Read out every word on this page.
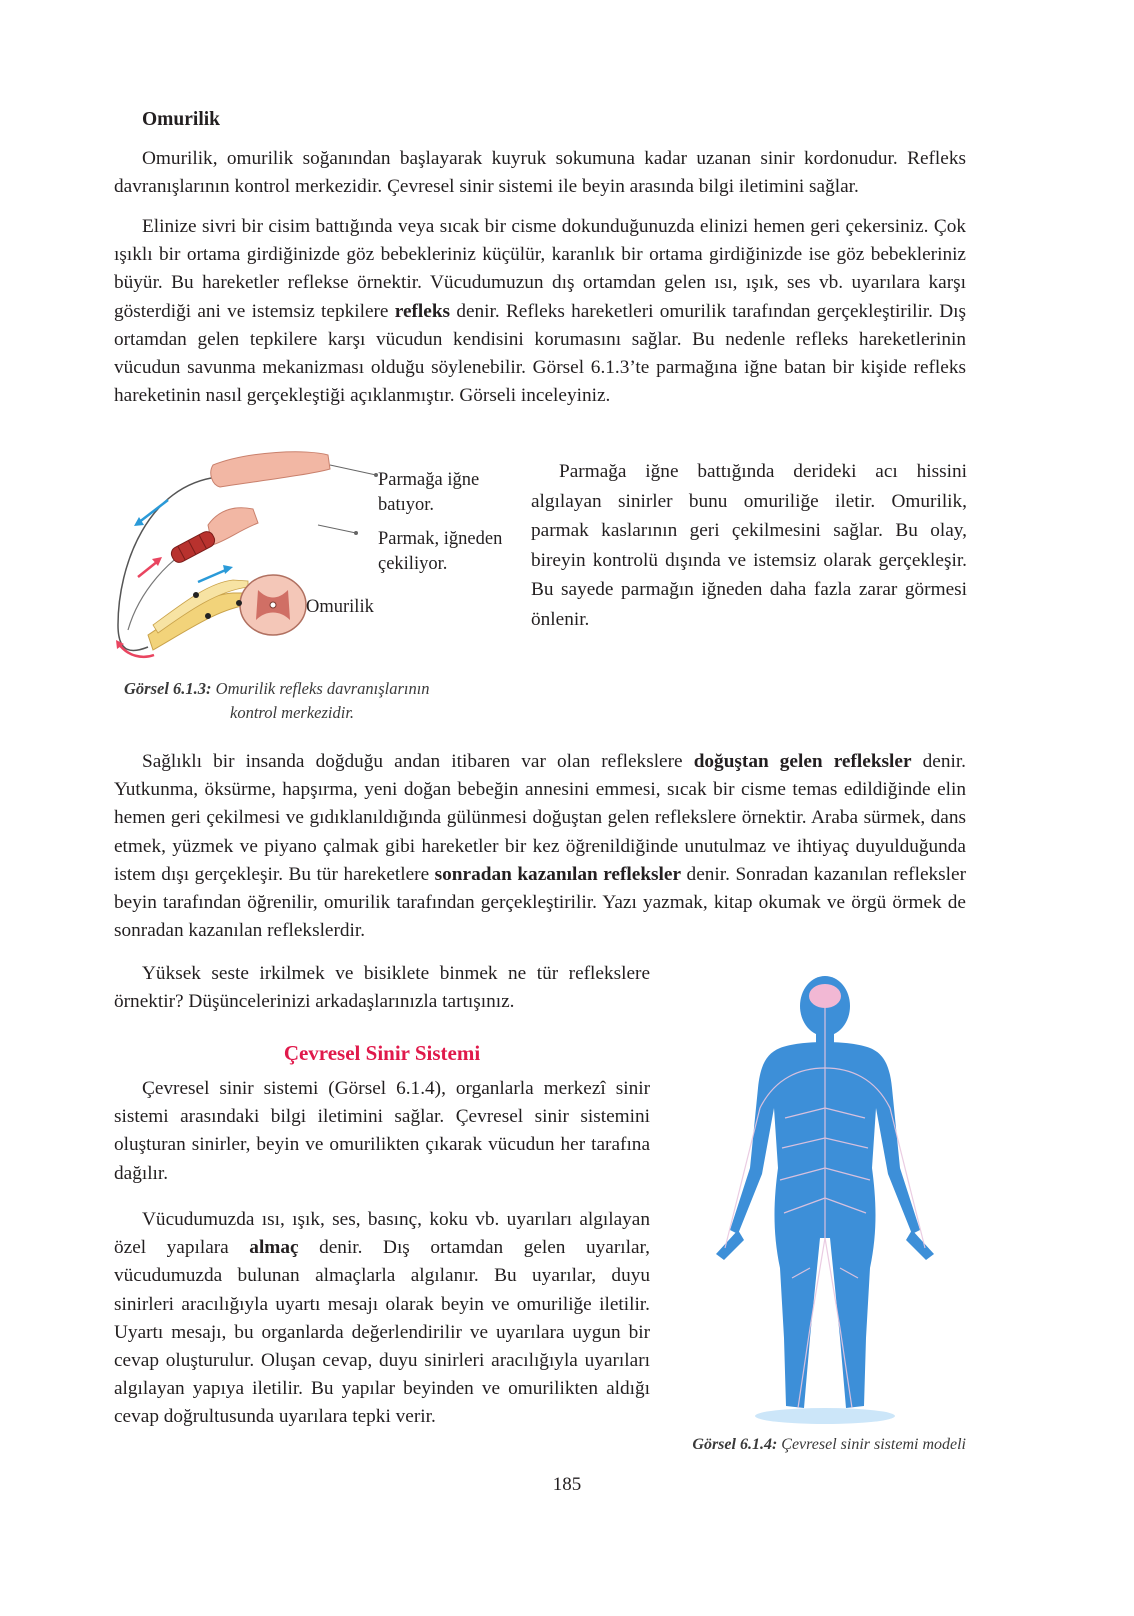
Omurilik

Omurilik, omurilik soğanından başlayarak kuyruk sokumuna kadar uzanan sinir kordonudur. Refleks davranışlarının kontrol merkezidir. Çevresel sinir sistemi ile beyin arasında bilgi iletimini sağlar.

Elinize sivri bir cisim battığında veya sıcak bir cisme dokunduğunuzda elinizi hemen geri çekersiniz. Çok ışıklı bir ortama girdiğinizde göz bebekleriniz küçülür, karanlık bir ortama girdiğinizde ise göz bebekleriniz büyür. Bu hareketler reflekse örnektir. Vücudumuzun dış ortamdan gelen ısı, ışık, ses vb. uyarılara karşı gösterdiği ani ve istemsiz tepkilere refleks denir. Refleks hareketleri omurilik tarafından gerçekleştirilir. Dış ortamdan gelen tepkilere karşı vücudun kendisini korumasını sağlar. Bu nedenle refleks hareketlerinin vücudun savunma mekanizması olduğu söylenebilir. Görsel 6.1.3’te parmağına iğne batan bir kişide refleks hareketinin nasıl gerçekleştiği açıklanmıştır. Görseli inceleyiniz.

Parmağa iğne batıyor.
Parmak, iğneden çekiliyor.
Omurilik
Görsel 6.1.3: Omurilik refleks davranışlarının
kontrol merkezidir.

Parmağa iğne battığında derideki acı hissini algılayan sinirler bunu omuriliğe iletir. Omurilik, parmak kaslarının geri çekilmesini sağlar. Bu olay, bireyin kontrolü dışında ve istemsiz olarak gerçekleşir. Bu sayede parmağın iğneden daha fazla zarar görmesi önlenir.

Sağlıklı bir insanda doğduğu andan itibaren var olan reflekslere doğuştan gelen refleksler denir. Yutkunma, öksürme, hapşırma, yeni doğan bebeğin annesini emmesi, sıcak bir cisme temas edildiğinde elin hemen geri çekilmesi ve gıdıklanıldığında gülünmesi doğuştan gelen reflekslere örnektir. Araba sürmek, dans etmek, yüzmek ve piyano çalmak gibi hareketler bir kez öğrenildiğinde unutulmaz ve ihtiyaç duyulduğunda istem dışı gerçekleşir. Bu tür hareketlere sonradan kazanılan refleksler denir. Sonradan kazanılan refleksler beyin tarafından öğrenilir, omurilik tarafından gerçekleştirilir. Yazı yazmak, kitap okumak ve örgü örmek de sonradan kazanılan reflekslerdir.

Yüksek seste irkilmek ve bisiklete binmek ne tür reflekslere örnektir? Düşüncelerinizi arkadaşlarınızla tartışınız.

Çevresel Sinir Sistemi

Çevresel sinir sistemi (Görsel 6.1.4), organlarla merkezî sinir sistemi arasındaki bilgi iletimini sağlar. Çevresel sinir sistemini oluşturan sinirler, beyin ve omurilikten çıkarak vücudun her tarafına dağılır.

Vücudumuzda ısı, ışık, ses, basınç, koku vb. uyarıları algılayan özel yapılara almaç denir. Dış ortamdan gelen uyarılar, vücudumuzda bulunan almaçlarla algılanır. Bu uyarılar, duyu sinirleri aracılığıyla uyartı mesajı olarak beyin ve omuriliğe iletilir. Uyartı mesajı, bu organlarda değerlendirilir ve uyarılara uygun bir cevap oluşturulur. Oluşan cevap, duyu sinirleri aracılığıyla uyarıları algılayan yapıya iletilir. Bu yapılar beyinden ve omurilikten aldığı cevap doğrultusunda uyarılara tepki verir.

Görsel 6.1.4: Çevresel sinir sistemi modeli
185
